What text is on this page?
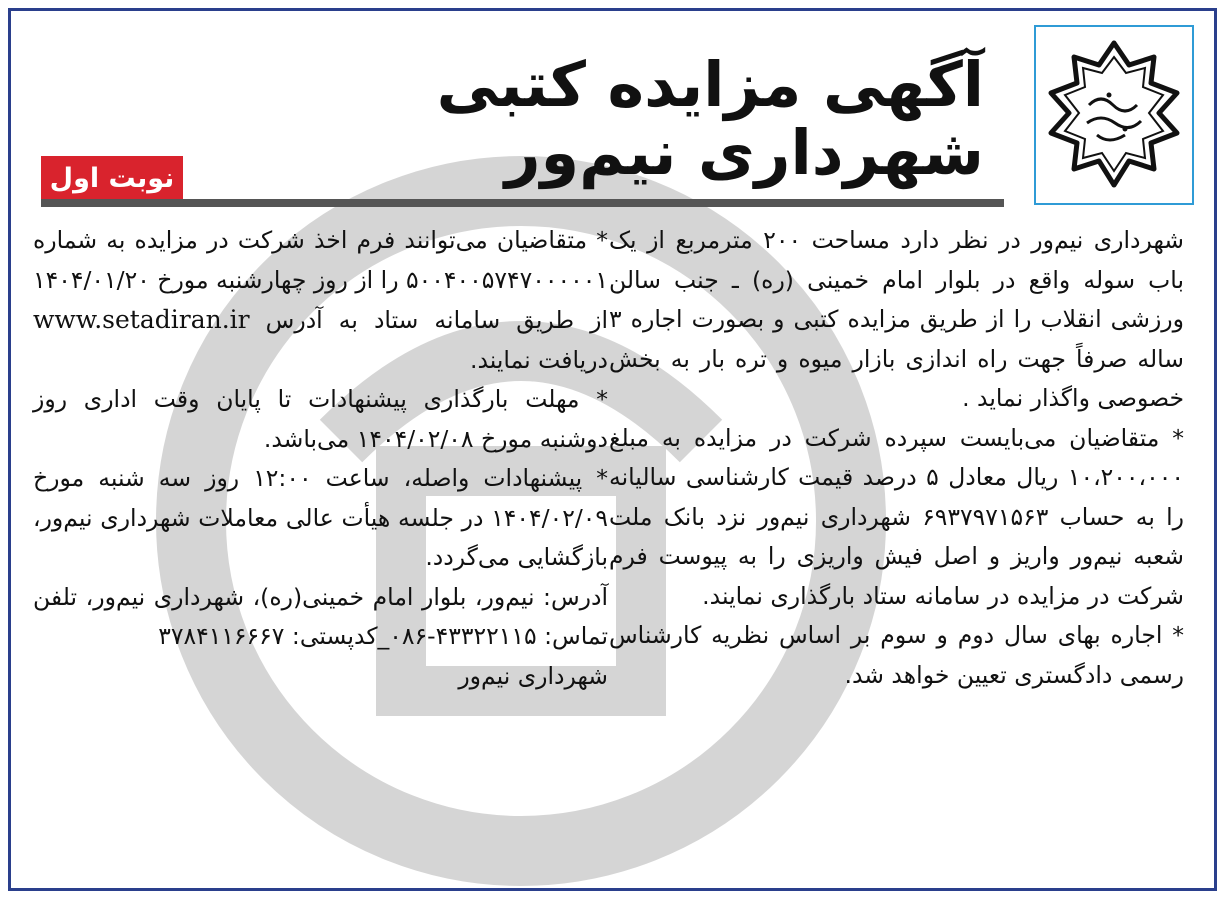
آگهی مزایده کتبی شهرداری نیم‌ور
نوبت اول

شهرداری نیم‌ور در نظر دارد مساحت ۲۰۰ مترمربع از یک باب سوله واقع در بلوار امام خمینی (ره) ـ جنب سالن ورزشی انقلاب را از طریق مزایده کتبی و بصورت اجاره ۳ ساله صرفاً جهت راه اندازی بازار میوه و تره بار به بخش خصوصی واگذار نماید .

* متقاضیان می‌بایست سپرده شرکت در مزایده به مبلغ ۱۰،۲۰۰،۰۰۰ ریال معادل ۵ درصد قیمت کارشناسی سالیانه را به حساب ۶۹۳۷۹۷۱۵۶۳ شهرداری نیم‌ور نزد بانک ملت شعبه نیم‌ور واریز و اصل فیش واریزی را به پیوست فرم شرکت در مزایده در سامانه ستاد بارگذاری نمایند.

* اجاره بهای سال دوم و سوم بر اساس نظریه کارشناس رسمی دادگستری تعیین خواهد شد.

* متقاضیان می‌توانند فرم اخذ شرکت در مزایده به شماره ۵۰۰۴۰۰۵۷۴۷۰۰۰۰۰۱ را از روز چهارشنبه مورخ ۱۴۰۴/۰۱/۲۰ از طریق سامانه ستاد به آدرس www.setadiran.ir دریافت نمایند.

* مهلت بارگذاری پیشنهادات تا پایان وقت اداری روز دوشنبه مورخ ۱۴۰۴/۰۲/۰۸ می‌باشد.

* پیشنهادات واصله، ساعت ۱۲:۰۰ روز سه شنبه مورخ ۱۴۰۴/۰۲/۰۹ در جلسه هیأت عالی معاملات شهرداری نیم‌ور، بازگشایی می‌گردد.

آدرس: نیم‌ور، بلوار امام خمینی(ره)، شهرداری نیم‌ور، تلفن تماس: ۴۳۳۲۲۱۱۵-۰۸۶_کدپستی: ۳۷۸۴۱۱۶۶۶۷

شهرداری نیم‌ور
